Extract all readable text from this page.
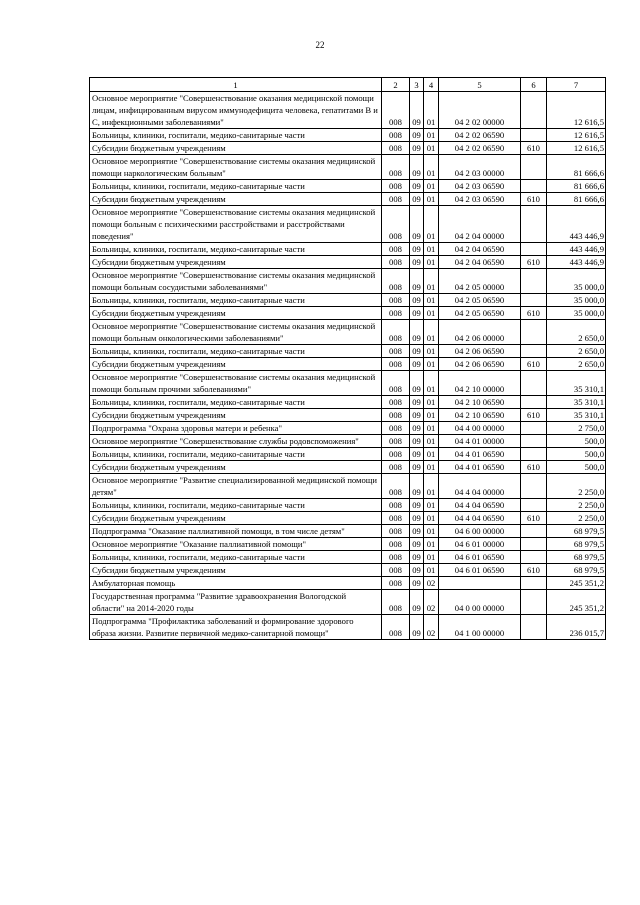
22
1	2	3	4	5	6	7
Основное мероприятие "Совершенствование оказания медицинской помощи лицам, инфицированным вирусом иммунодефицита человека, гепатитами В и С, инфекционными заболеваниями"	008	09	01	04 2 02 00000		12 616,5
Больницы, клиники, госпитали, медико-санитарные части	008	09	01	04 2 02 06590		12 616,5
Субсидии бюджетным учреждениям	008	09	01	04 2 02 06590	610	12 616,5
Основное мероприятие "Совершенствование системы оказания медицинской помощи наркологическим больным"	008	09	01	04 2 03 00000		81 666,6
Больницы, клиники, госпитали, медико-санитарные части	008	09	01	04 2 03 06590		81 666,6
Субсидии бюджетным учреждениям	008	09	01	04 2 03 06590	610	81 666,6
Основное мероприятие "Совершенствование системы оказания медицинской помощи больным с психическими расстройствами и расстройствами поведения"	008	09	01	04 2 04 00000		443 446,9
Больницы, клиники, госпитали, медико-санитарные части	008	09	01	04 2 04 06590		443 446,9
Субсидии бюджетным учреждениям	008	09	01	04 2 04 06590	610	443 446,9
Основное мероприятие "Совершенствование системы оказания медицинской помощи больным сосудистыми заболеваниями"	008	09	01	04 2 05 00000		35 000,0
Больницы, клиники, госпитали, медико-санитарные части	008	09	01	04 2 05 06590		35 000,0
Субсидии бюджетным учреждениям	008	09	01	04 2 05 06590	610	35 000,0
Основное мероприятие "Совершенствование системы оказания медицинской помощи больным онкологическими заболеваниями"	008	09	01	04 2 06 00000		2 650,0
Больницы, клиники, госпитали, медико-санитарные части	008	09	01	04 2 06 06590		2 650,0
Субсидии бюджетным учреждениям	008	09	01	04 2 06 06590	610	2 650,0
Основное мероприятие "Совершенствование системы оказания медицинской помощи больным прочими заболеваниями"	008	09	01	04 2 10 00000		35 310,1
Больницы, клиники, госпитали, медико-санитарные части	008	09	01	04 2 10 06590		35 310,1
Субсидии бюджетным учреждениям	008	09	01	04 2 10 06590	610	35 310,1
Подпрограмма "Охрана здоровья матери и ребенка"	008	09	01	04 4 00 00000		2 750,0
Основное мероприятие "Совершенствование службы родовспоможения"	008	09	01	04 4 01 00000		500,0
Больницы, клиники, госпитали, медико-санитарные части	008	09	01	04 4 01 06590		500,0
Субсидии бюджетным учреждениям	008	09	01	04 4 01 06590	610	500,0
Основное мероприятие "Развитие специализированной медицинской помощи детям"	008	09	01	04 4 04 00000		2 250,0
Больницы, клиники, госпитали, медико-санитарные части	008	09	01	04 4 04 06590		2 250,0
Субсидии бюджетным учреждениям	008	09	01	04 4 04 06590	610	2 250,0
Подпрограмма "Оказание паллиативной помощи, в том числе детям"	008	09	01	04 6 00 00000		68 979,5
Основное мероприятие "Оказание паллиативной помощи"	008	09	01	04 6 01 00000		68 979,5
Больницы, клиники, госпитали, медико-санитарные части	008	09	01	04 6 01 06590		68 979,5
Субсидии бюджетным учреждениям	008	09	01	04 6 01 06590	610	68 979,5
Амбулаторная помощь	008	09	02			245 351,2
Государственная программа "Развитие здравоохранения Вологодской области" на 2014-2020 годы	008	09	02	04 0 00 00000		245 351,2
Подпрограмма "Профилактика заболеваний и формирование здорового образа жизни. Развитие первичной медико-санитарной помощи"	008	09	02	04 1 00 00000		236 015,7
